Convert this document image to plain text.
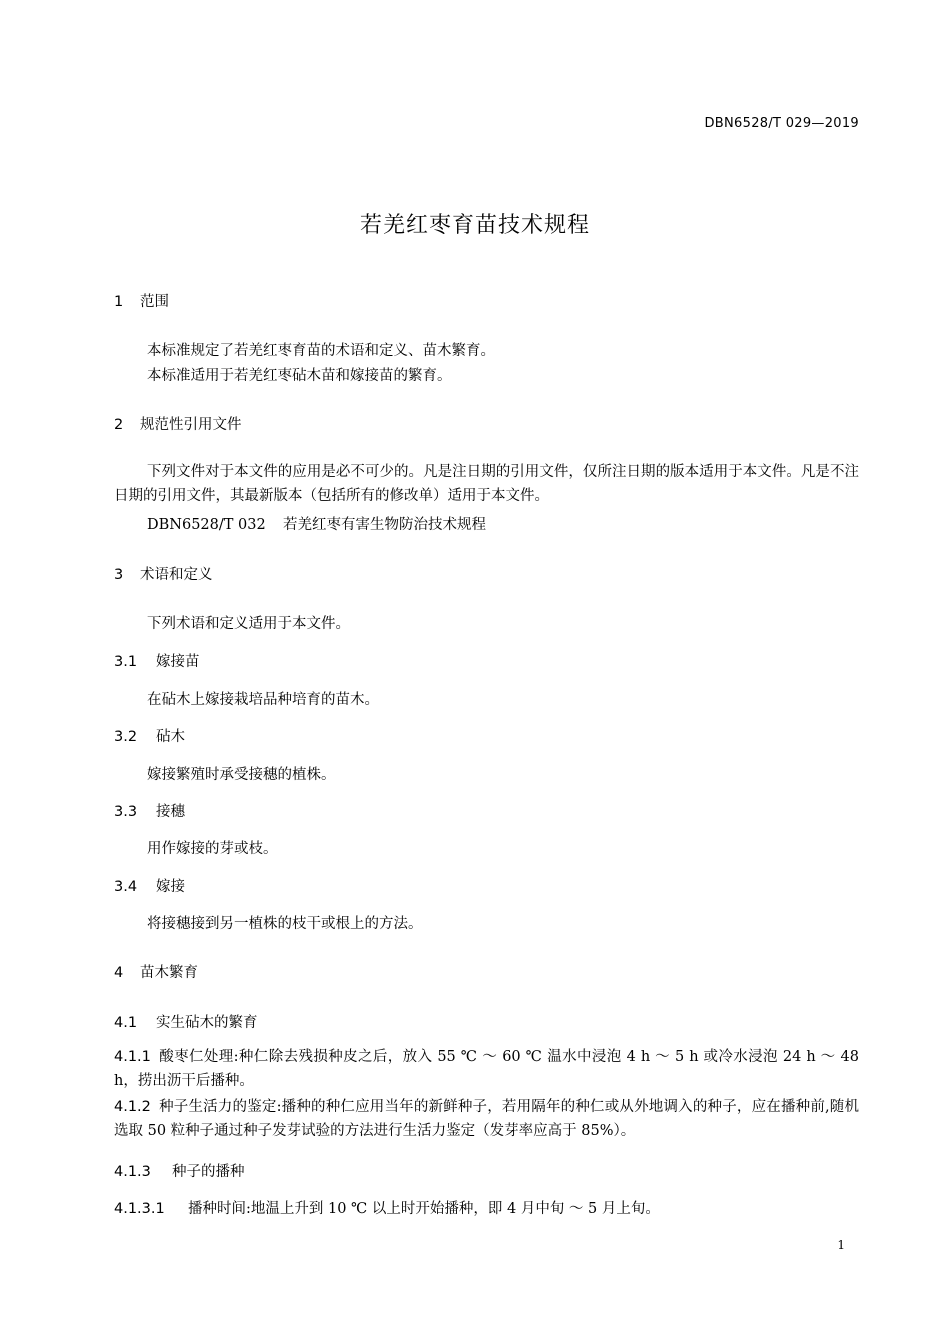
DBN6528/T 029—2019
若羌红枣育苗技术规程
1 范围
本标准规定了若羌红枣育苗的术语和定义、苗木繁育。
本标准适用于若羌红枣砧木苗和嫁接苗的繁育。
2 规范性引用文件
下列文件对于本文件的应用是必不可少的。凡是注日期的引用文件，仅所注日期的版本适用于本文件。凡是不注日期的引用文件，其最新版本（包括所有的修改单）适用于本文件。
DBN6528/T 032 若羌红枣有害生物防治技术规程
3 术语和定义
下列术语和定义适用于本文件。
3.1 嫁接苗
在砧木上嫁接栽培品种培育的苗木。
3.2 砧木
嫁接繁殖时承受接穗的植株。
3.3 接穗
用作嫁接的芽或枝。
3.4 嫁接
将接穗接到另一植株的枝干或根上的方法。
4 苗木繁育
4.1 实生砧木的繁育
4.1.1 酸枣仁处理:种仁除去残损种皮之后，放入 55 ℃ ～ 60 ℃ 温水中浸泡 4 h ～ 5 h 或冷水浸泡 24 h ～ 48 h，捞出沥干后播种。
4.1.2 种子生活力的鉴定:播种的种仁应用当年的新鲜种子，若用隔年的种仁或从外地调入的种子，应在播种前,随机选取 50 粒种子通过种子发芽试验的方法进行生活力鉴定（发芽率应高于 85%）。
4.1.3 种子的播种
4.1.3.1 播种时间:地温上升到 10 ℃ 以上时开始播种，即 4 月中旬 ～ 5 月上旬。
1
